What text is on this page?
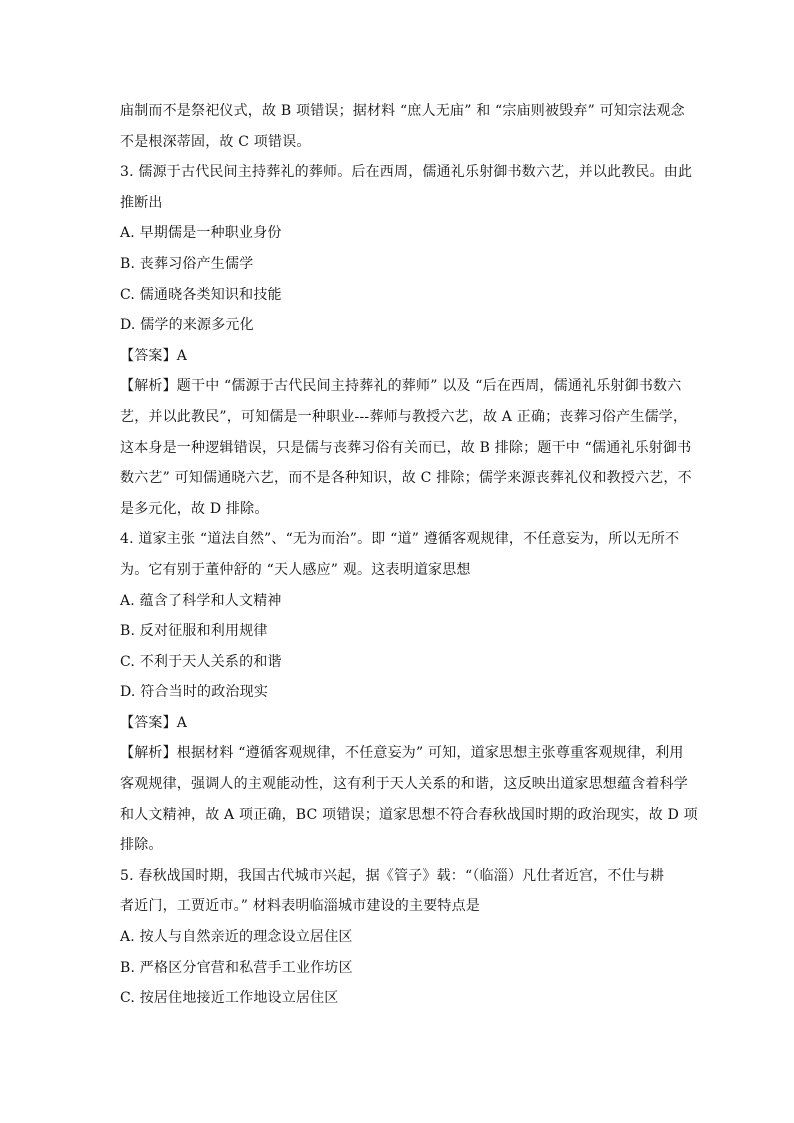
庙制而不是祭祀仪式，故 B 项错误；据材料 “庶人无庙” 和 “宗庙则被毁弃” 可知宗法观念
不是根深蒂固，故 C 项错误。
3. 儒源于古代民间主持葬礼的葬师。后在西周，儒通礼乐射御书数六艺，并以此教民。由此
推断出
A. 早期儒是一种职业身份
B. 丧葬习俗产生儒学
C. 儒通晓各类知识和技能
D. 儒学的来源多元化
【答案】A
【解析】题干中 “儒源于古代民间主持葬礼的葬师” 以及 “后在西周，儒通礼乐射御书数六
艺，并以此教民”，可知儒是一种职业---葬师与教授六艺，故 A 正确；丧葬习俗产生儒学，
这本身是一种逻辑错误，只是儒与丧葬习俗有关而已，故 B 排除；题干中 “儒通礼乐射御书
数六艺” 可知儒通晓六艺，而不是各种知识，故 C 排除；儒学来源丧葬礼仪和教授六艺，不
是多元化，故 D 排除。
4. 道家主张 “道法自然”、“无为而治”。即 “道” 遵循客观规律，不任意妄为，所以无所不
为。它有别于董仲舒的 “天人感应” 观。这表明道家思想
A. 蕴含了科学和人文精神
B. 反对征服和利用规律
C. 不利于天人关系的和谐
D. 符合当时的政治现实
【答案】A
【解析】根据材料 “遵循客观规律，不任意妄为” 可知，道家思想主张尊重客观规律，利用
客观规律，强调人的主观能动性，这有利于天人关系的和谐，这反映出道家思想蕴含着科学
和人文精神，故 A 项正确，BC 项错误；道家思想不符合春秋战国时期的政治现实，故 D 项
排除。
5. 春秋战国时期，我国古代城市兴起，据《管子》载：“（临淄）凡仕者近宫，不仕与耕
者近门，工贾近市。” 材料表明临淄城市建设的主要特点是
A. 按人与自然亲近的理念设立居住区
B. 严格区分官营和私营手工业作坊区
C. 按居住地接近工作地设立居住区
